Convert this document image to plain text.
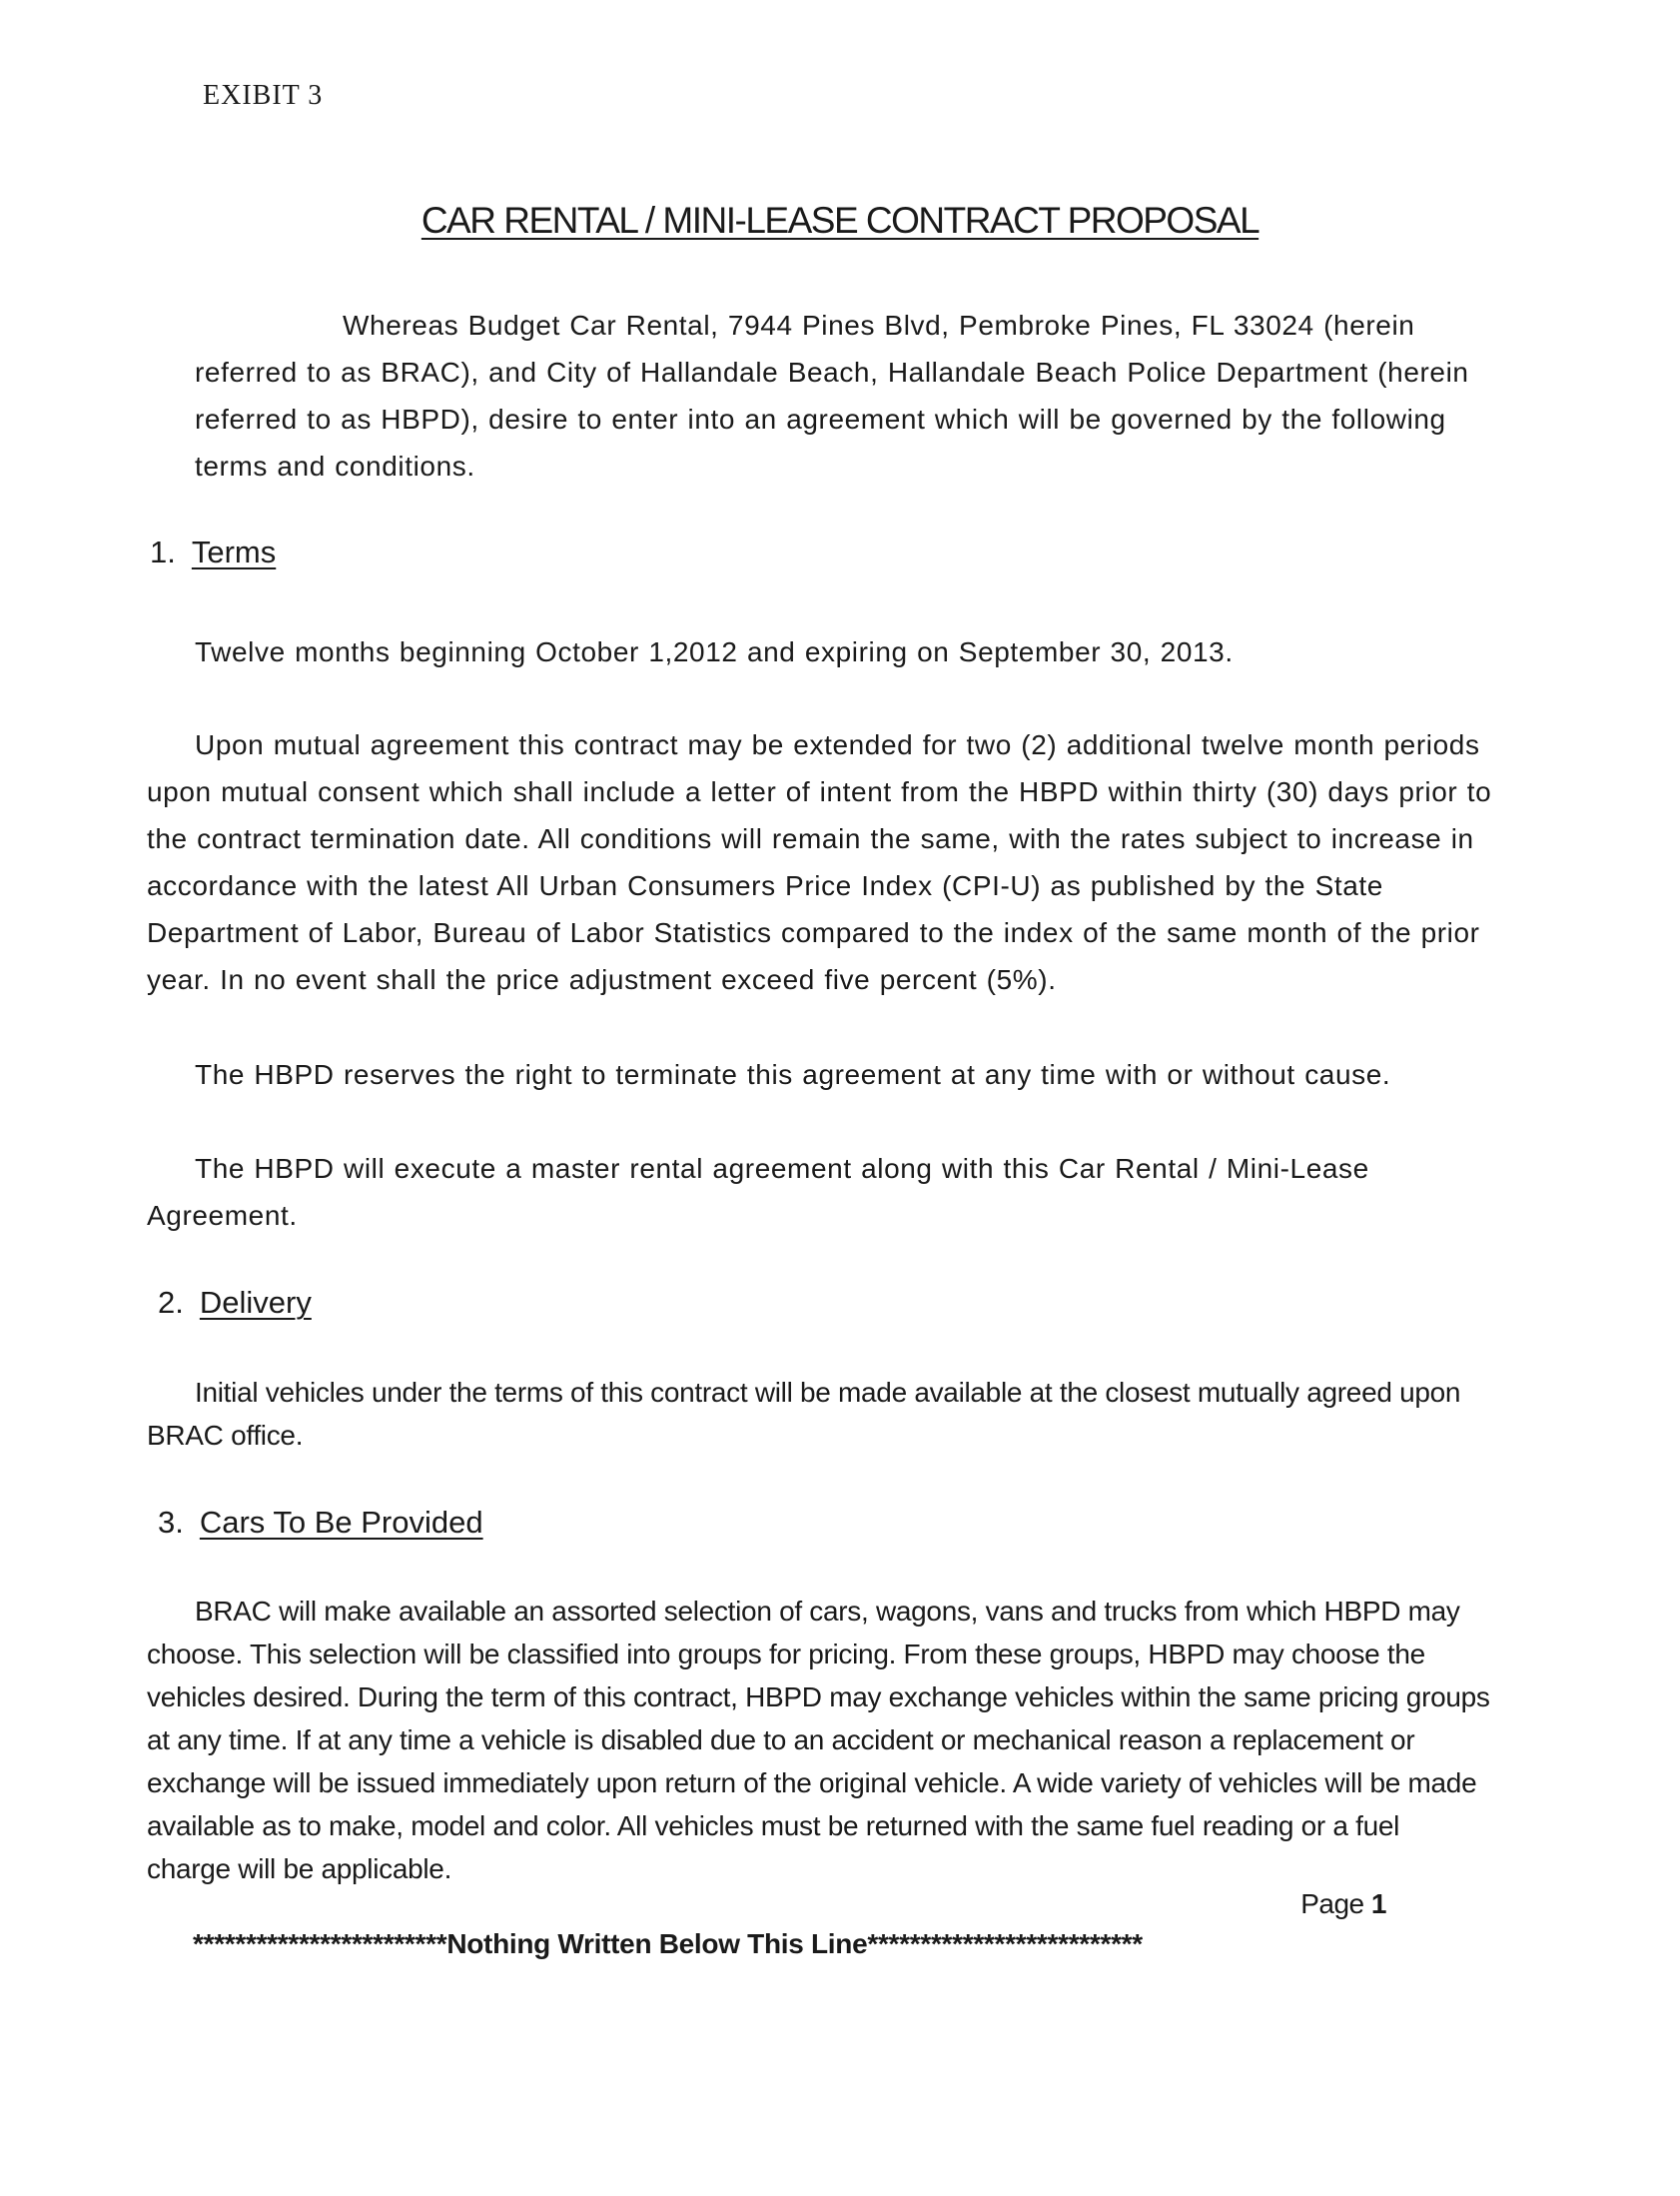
EXIBIT 3
CAR RENTAL / MINI-LEASE CONTRACT PROPOSAL

Whereas Budget Car Rental, 7944 Pines Blvd, Pembroke Pines, FL 33024 (herein referred to as BRAC), and City of Hallandale Beach, Hallandale Beach Police Department (herein referred to as HBPD), desire to enter into an agreement which will be governed by the following terms and conditions.

1. Terms

Twelve months beginning October 1,2012 and expiring on September 30, 2013.

Upon mutual agreement this contract may be extended for two (2) additional twelve month periods upon mutual consent which shall include a letter of intent from the HBPD within thirty (30) days prior to the contract termination date. All conditions will remain the same, with the rates subject to increase in accordance with the latest All Urban Consumers Price Index (CPI-U) as published by the State Department of Labor, Bureau of Labor Statistics compared to the index of the same month of the prior year. In no event shall the price adjustment exceed five percent (5%).

The HBPD reserves the right to terminate this agreement at any time with or without cause.

The HBPD will execute a master rental agreement along with this Car Rental / Mini-Lease Agreement.

2. Delivery

Initial vehicles under the terms of this contract will be made available at the closest mutually agreed upon BRAC office.

3. Cars To Be Provided

BRAC will make available an assorted selection of cars, wagons, vans and trucks from which HBPD may choose. This selection will be classified into groups for pricing. From these groups, HBPD may choose the vehicles desired. During the term of this contract, HBPD may exchange vehicles within the same pricing groups at any time. If at any time a vehicle is disabled due to an accident or mechanical reason a replacement or exchange will be issued immediately upon return of the original vehicle. A wide variety of vehicles will be made available as to make, model and color. All vehicles must be returned with the same fuel reading or a fuel charge will be applicable.

Page 1
************************Nothing Written Below This Line**************************
